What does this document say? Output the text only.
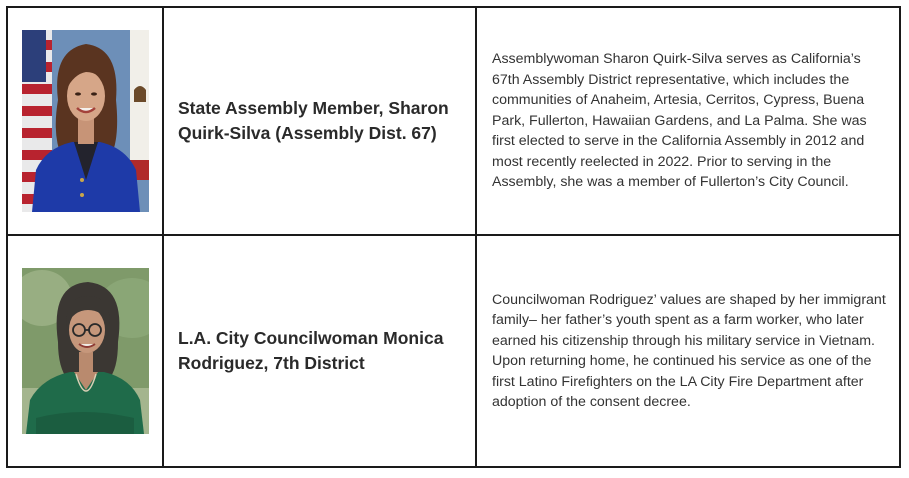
State Assembly Member, Sharon Quirk-Silva (Assembly Dist. 67)	Assemblywoman Sharon Quirk-Silva serves as California’s 67th Assembly District representative, which includes the communities of Anaheim, Artesia, Cerritos, Cypress, Buena Park, Fullerton, Hawaiian Gardens, and La Palma. She was first elected to serve in the California Assembly in 2012 and most recently reelected in 2022. Prior to serving in the Assembly, she was a member of Fullerton’s City Council.

L.A. City Councilwoman Monica Rodriguez, 7th District	Councilwoman Rodriguez’ values are shaped by her immigrant family– her father’s youth spent as a farm worker, who later earned his citizenship through his military service in Vietnam. Upon returning home, he continued his service as one of the first Latino Firefighters on the LA City Fire Department after adoption of the consent decree.
